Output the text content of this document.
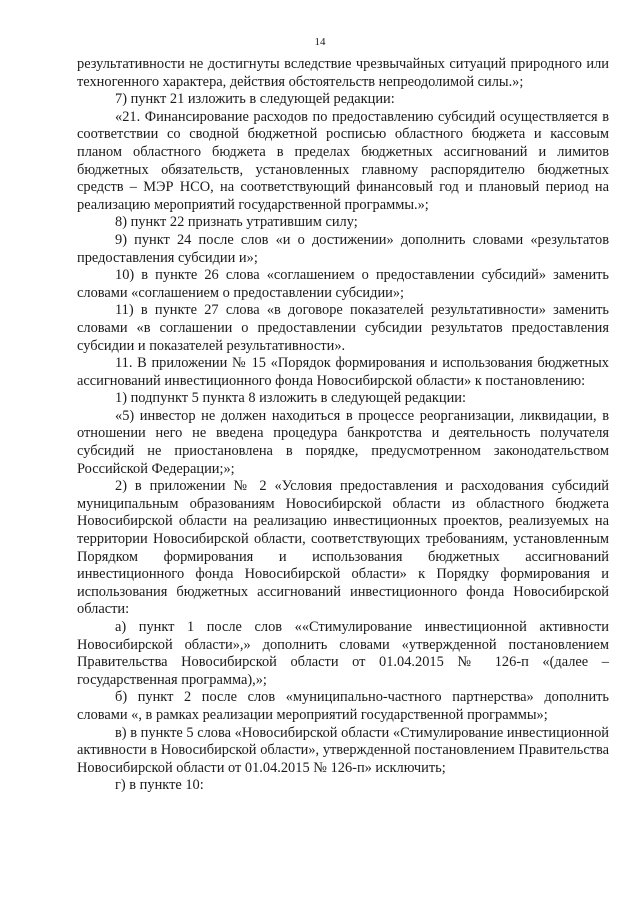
14

результативности не достигнуты вследствие чрезвычайных ситуаций природного или техногенного характера, действия обстоятельств непреодолимой силы.»;

7) пункт 21 изложить в следующей редакции:

«21. Финансирование расходов по предоставлению субсидий осуществляется в соответствии со сводной бюджетной росписью областного бюджета и кассовым планом областного бюджета в пределах бюджетных ассигнований и лимитов бюджетных обязательств, установленных главному распорядителю бюджетных средств – МЭР НСО, на соответствующий финансовый год и плановый период на реализацию мероприятий государственной программы.»;

8) пункт 22 признать утратившим силу;

9) пункт 24 после слов «и о достижении» дополнить словами «результатов предоставления субсидии и»;

10) в пункте 26 слова «соглашением о предоставлении субсидий» заменить словами «соглашением о предоставлении субсидии»;

11) в пункте 27 слова «в договоре показателей результативности» заменить словами «в соглашении о предоставлении субсидии результатов предоставления субсидии и показателей результативности».

11. В приложении № 15 «Порядок формирования и использования бюджетных ассигнований инвестиционного фонда Новосибирской области» к постановлению:

1) подпункт 5 пункта 8 изложить в следующей редакции:

«5) инвестор не должен находиться в процессе реорганизации, ликвидации, в отношении него не введена процедура банкротства и деятельность получателя субсидий не приостановлена в порядке, предусмотренном законодательством Российской Федерации;»;

2) в приложении № 2 «Условия предоставления и расходования субсидий муниципальным образованиям Новосибирской области из областного бюджета Новосибирской области на реализацию инвестиционных проектов, реализуемых на территории Новосибирской области, соответствующих требованиям, установленным Порядком формирования и использования бюджетных ассигнований инвестиционного фонда Новосибирской области» к Порядку формирования и использования бюджетных ассигнований инвестиционного фонда Новосибирской области:

а) пункт 1 после слов ««Стимулирование инвестиционной активности Новосибирской области»,» дополнить словами «утвержденной постановлением Правительства Новосибирской области от 01.04.2015 № 126-п «(далее – государственная программа),»;

б) пункт 2 после слов «муниципально-частного партнерства» дополнить словами «, в рамках реализации мероприятий государственной программы»;

в) в пункте 5 слова «Новосибирской области «Стимулирование инвестиционной активности в Новосибирской области», утвержденной постановлением Правительства Новосибирской области от 01.04.2015 № 126-п» исключить;

г) в пункте 10:
